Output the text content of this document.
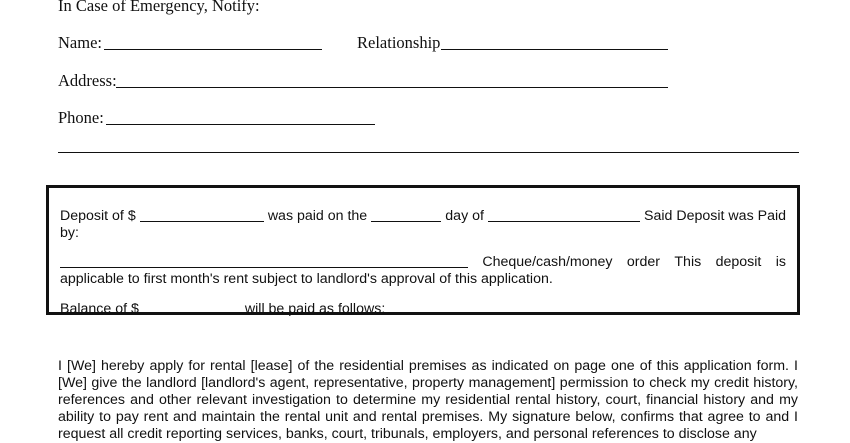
In Case of Emergency, Notify:
Name:	Relationship
Address:
Phone:
Deposit of $	was paid on the	day of	Said Deposit was Paid
by:
Cheque/cash/money order This deposit is
applicable to first month's rent subject to landlord's approval of this application.
Balance of $	will be paid as follows:
I [We] hereby apply for rental [lease] of the residential premises as indicated on page one of this application form. I [We] give the landlord [landlord's agent, representative, property management] permission to check my credit history, references and other relevant investigation to determine my residential rental history, court, financial history and my ability to pay rent and maintain the rental unit and rental premises. My signature below, confirms that agree to and I request all credit reporting services, banks, court, tribunals, employers, and personal references to disclose any
